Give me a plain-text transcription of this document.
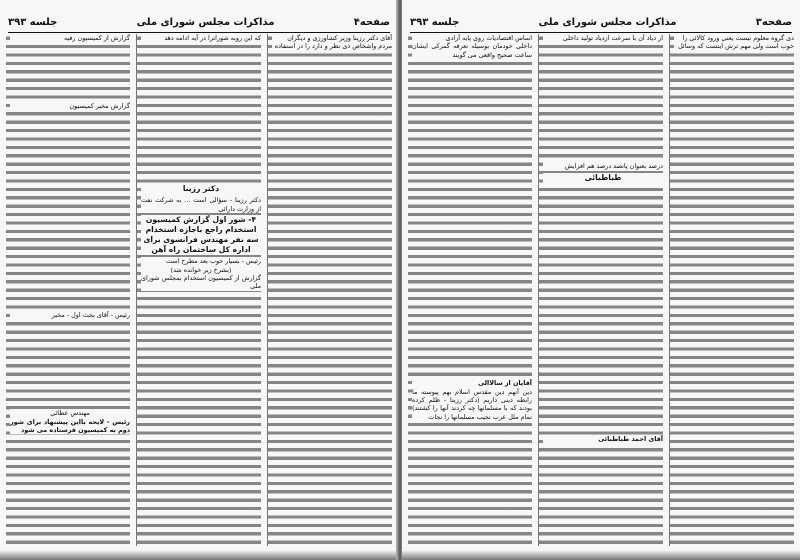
صفحه۴
مذاکرات مجلس شورای ملی
جلسه ۳۹۳

آقای دکتر رزینا وزیر کشاورزی و دیگران

مردم واشخاص ذی نظر و دارد را در استفاده

که این روبه شوراترا در آیه ادامه دهد

دکتر رزینا

دکتر رزینا - سؤالی است ... به شرکت نفت از وزارت دارائی

۴- شور اول گزارش کمیسیون استخدام راجع باجازه استخدام سه نفر مهندس فرانسوی برای اداره کل ساختمان راه آهن

رئیس - بسیار خوب بعد مطرح است

(بشرح زیر خوانده شد)

گزارش از کمیسیون استخدام بمجلس شورای ملی

گزارش از کمیسیون رفیه

گزارش مخبر کمیسیون

رئیس - آقای بحث اول - مخبر

مهندس عطائی

رئیس - لایحه بااین پیشنهاد برای شور دوم به کمیسیون فرستاده می شود

صفحه۳
مذاکرات مجلس شورای ملی
جلسه ۳۹۳

دی گروه معلوم نیست یعنی ورود کالائی را

خوب است ولی مهم ترش اینست که وسائل

از دیاد آن با سرعت ازدیاد تولید داخلی

درصد بعنوان پانصد درصد هم افزایش

طباطبائی

آقای احمد طباطبائی

اساس اقتصادیات روی پایه آزادی

داخلی خودمان بوسیله تعرفه گمرکی ایشان ساعت صحیح واقعی می گویند

آقایان از سالاالی

دین آنهم دین مقدس اسلام بهم پیوسته ما رابطه دینی داریم (دکتر رزینا - ظلم کرده بودند که با مسلمانها چه کردند آنها را کشتند) تمام ملل عرب نجیب مسلمانها را نجات
